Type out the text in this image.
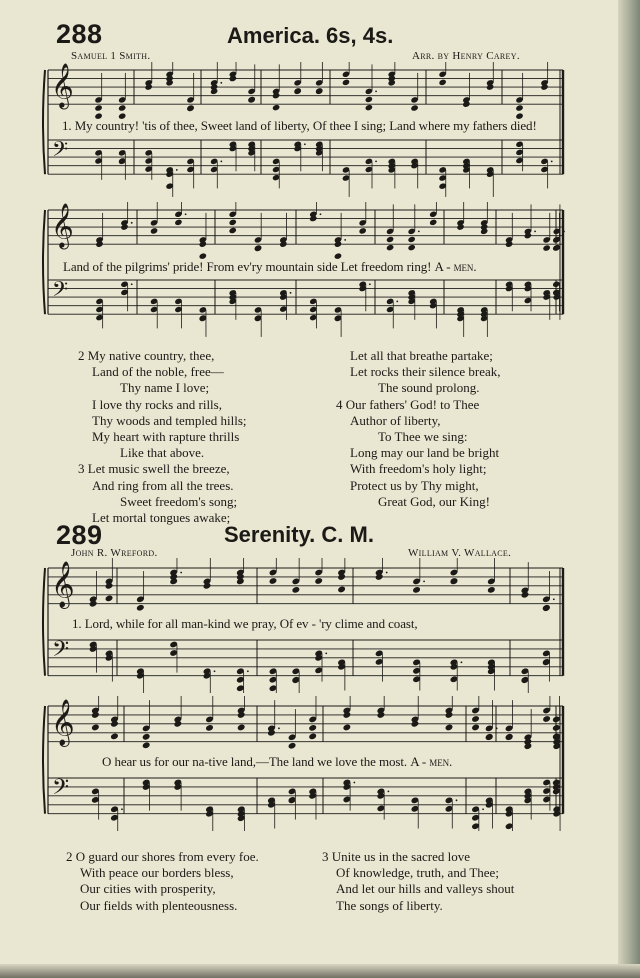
288	America. 6s, 4s.
Samuel 1 Smith.	Arr. by Henry Carey.
𝄞
𝄢
1. My country! 'tis of thee, Sweet land of liberty, Of thee I sing; Land where my fathers died!
𝄞
𝄢
Land of the pilgrims' pride! From ev'ry mountain side Let freedom ring! A - men.
2 My native country, thee,
Land of the noble, free—
Thy name I love;
I love thy rocks and rills,
Thy woods and templed hills;
My heart with rapture thrills
Like that above.
3 Let music swell the breeze,
And ring from all the trees.
Sweet freedom's song;
Let mortal tongues awake;
Let all that breathe partake;
Let rocks their silence break,
The sound prolong.
4 Our fathers' God! to Thee
Author of liberty,
To Thee we sing:
Long may our land be bright
With freedom's holy light;
Protect us by Thy might,
Great God, our King!
289	Serenity. C. M.
John R. Wreford.	William V. Wallace.
𝄞
𝄢
1. Lord, while for all man-kind we pray, Of ev - 'ry clime and coast,
𝄞
𝄢
O hear us for our na-tive land,—The land we love the most. A - men.
2 O guard our shores from every foe.
With peace our borders bless,
Our cities with prosperity,
Our fields with plenteousness.
3 Unite us in the sacred love
Of knowledge, truth, and Thee;
And let our hills and valleys shout
The songs of liberty.
